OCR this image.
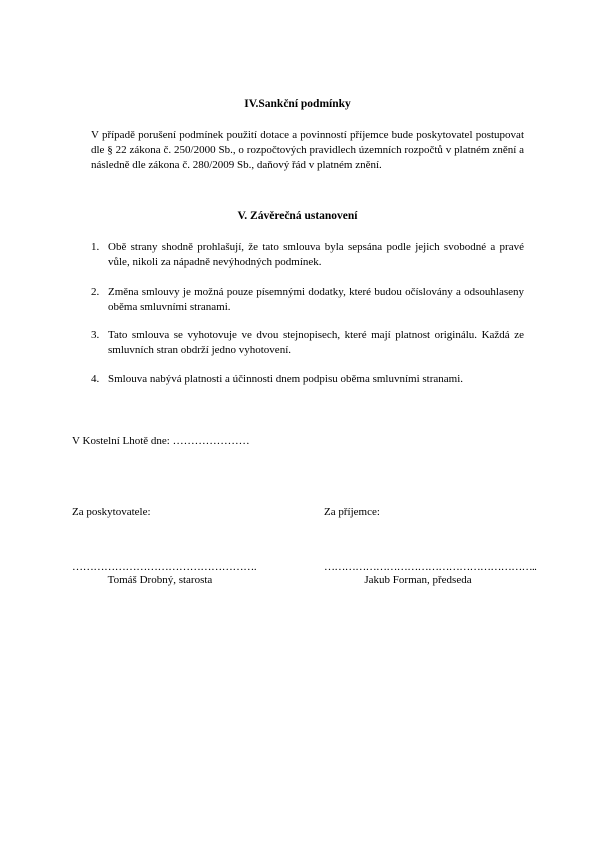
IV.Sankční podmínky
V případě porušení podmínek použití dotace a povinností příjemce bude poskytovatel postupovat dle § 22 zákona č. 250/2000 Sb., o rozpočtových pravidlech územních rozpočtů v platném znění a následně dle zákona č. 280/2009 Sb., daňový řád v platném znění.
V. Závěrečná ustanovení
1. Obě strany shodně prohlašují, že tato smlouva byla sepsána podle jejich svobodné a pravé vůle, nikoli za nápadně nevýhodných podmínek.
2. Změna smlouvy je možná pouze písemnými dodatky, které budou očíslovány a odsouhlaseny oběma smluvními stranami.
3. Tato smlouva se vyhotovuje ve dvou stejnopisech, které mají platnost originálu. Každá ze smluvních stran obdrží jedno vyhotovení.
4. Smlouva nabývá platnosti a účinnosti dnem podpisu oběma smluvními stranami.
V Kostelní Lhotě dne: …………………
Za poskytovatele:	Za příjemce:
…………………………………………….	……………………………………………………..
Tomáš Drobný, starosta	Jakub Forman, předseda
